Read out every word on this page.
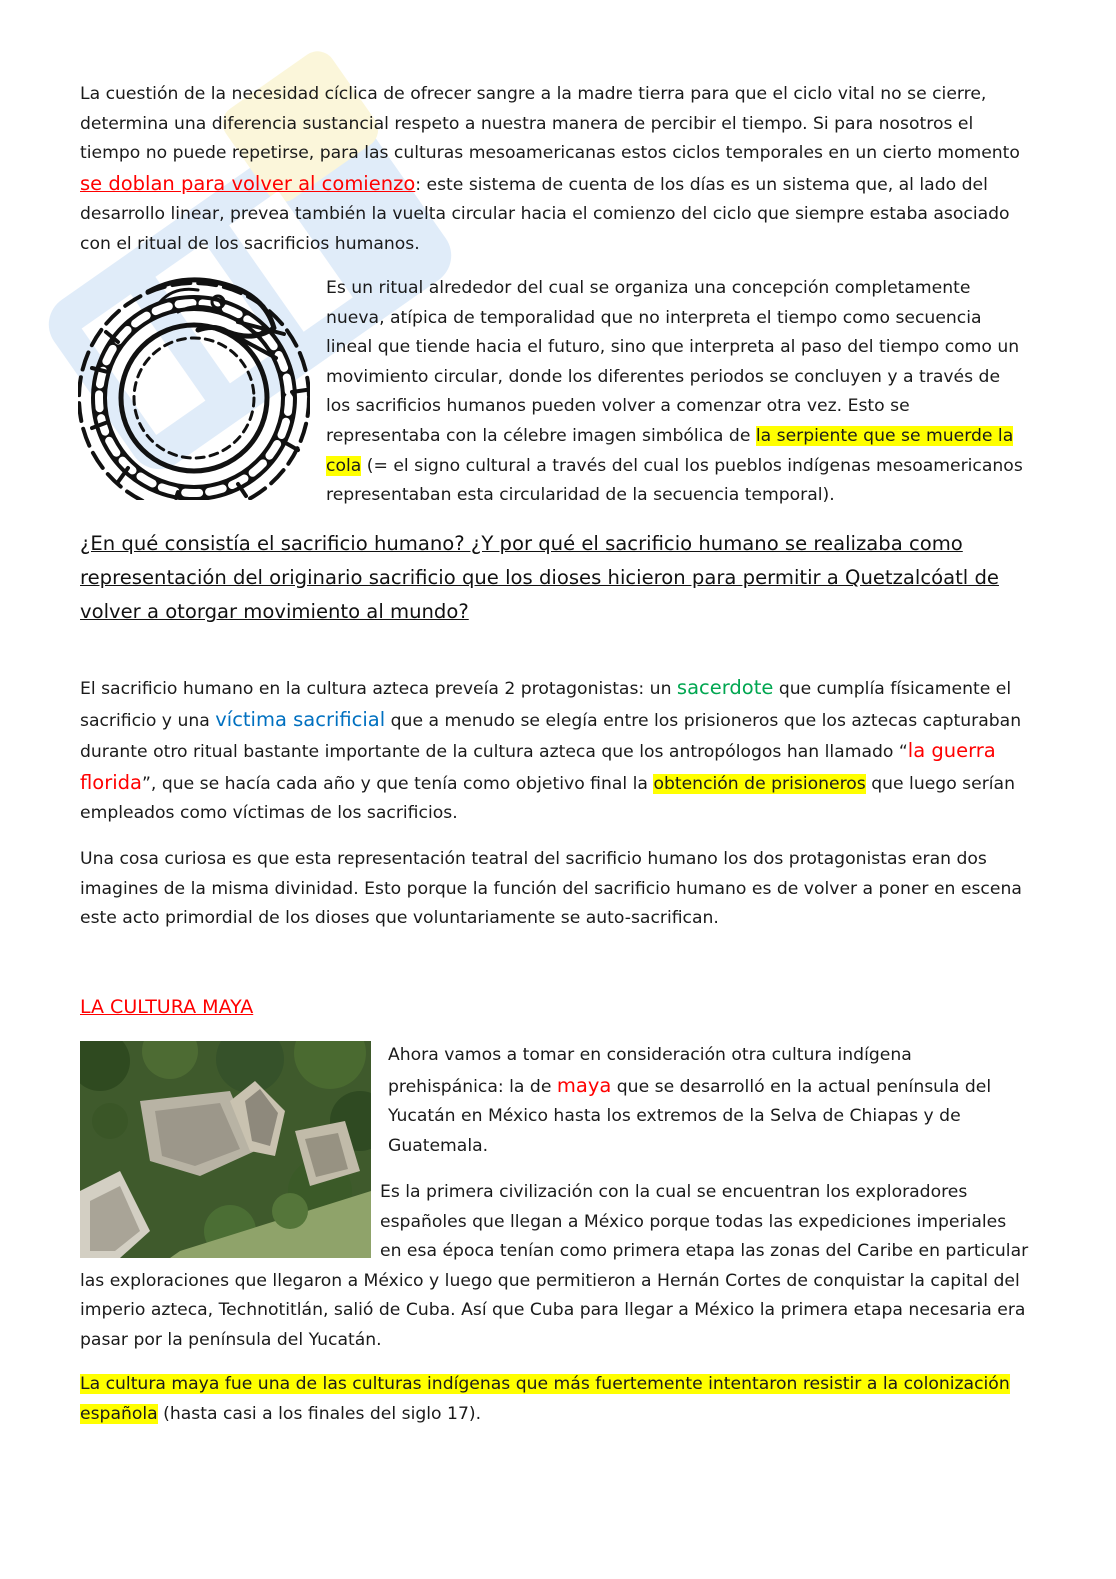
La cuestión de la necesidad cíclica de ofrecer sangre a la madre tierra para que el ciclo vital no se cierre, determina una diferencia sustancial respeto a nuestra manera de percibir el tiempo. Si para nosotros el tiempo no puede repetirse, para las culturas mesoamericanas estos ciclos temporales en un cierto momento se doblan para volver al comienzo: este sistema de cuenta de los días es un sistema que, al lado del desarrollo linear, prevea también la vuelta circular hacia el comienzo del ciclo que siempre estaba asociado con el ritual de los sacrificios humanos.

Es un ritual alrededor del cual se organiza una concepción completamente nueva, atípica de temporalidad que no interpreta el tiempo como secuencia lineal que tiende hacia el futuro, sino que interpreta al paso del tiempo como un movimiento circular, donde los diferentes periodos se concluyen y a través de los sacrificios humanos pueden volver a comenzar otra vez. Esto se representaba con la célebre imagen simbólica de la serpiente que se muerde la cola (= el signo cultural a través del cual los pueblos indígenas mesoamericanos representaban esta circularidad de la secuencia temporal).

¿En qué consistía el sacrificio humano? ¿Y por qué el sacrificio humano se realizaba como representación del originario sacrificio que los dioses hicieron para permitir a Quetzalcóatl de volver a otorgar movimiento al mundo?

El sacrificio humano en la cultura azteca preveía 2 protagonistas: un sacerdote que cumplía físicamente el sacrificio y una víctima sacrificial que a menudo se elegía entre los prisioneros que los aztecas capturaban durante otro ritual bastante importante de la cultura azteca que los antropólogos han llamado “la guerra florida”, que se hacía cada año y que tenía como objetivo final la obtención de prisioneros que luego serían empleados como víctimas de los sacrificios.

Una cosa curiosa es que esta representación teatral del sacrificio humano los dos protagonistas eran dos imagines de la misma divinidad. Esto porque la función del sacrificio humano es de volver a poner en escena este acto primordial de los dioses que voluntariamente se auto-sacrifican.

LA CULTURA MAYA

Ahora vamos a tomar en consideración otra cultura indígena prehispánica: la de maya que se desarrolló en la actual península del Yucatán en México hasta los extremos de la Selva de Chiapas y de Guatemala.

Es la primera civilización con la cual se encuentran los exploradores españoles que llegan a México porque todas las expediciones imperiales en esa época tenían como primera etapa las zonas del Caribe en particular las exploraciones que llegaron a México y luego que permitieron a Hernán Cortes de conquistar la capital del imperio azteca, Technotitlán, salió de Cuba. Así que Cuba para llegar a México la primera etapa necesaria era pasar por la península del Yucatán.

La cultura maya fue una de las culturas indígenas que más fuertemente intentaron resistir a la colonización española (hasta casi a los finales del siglo 17).
